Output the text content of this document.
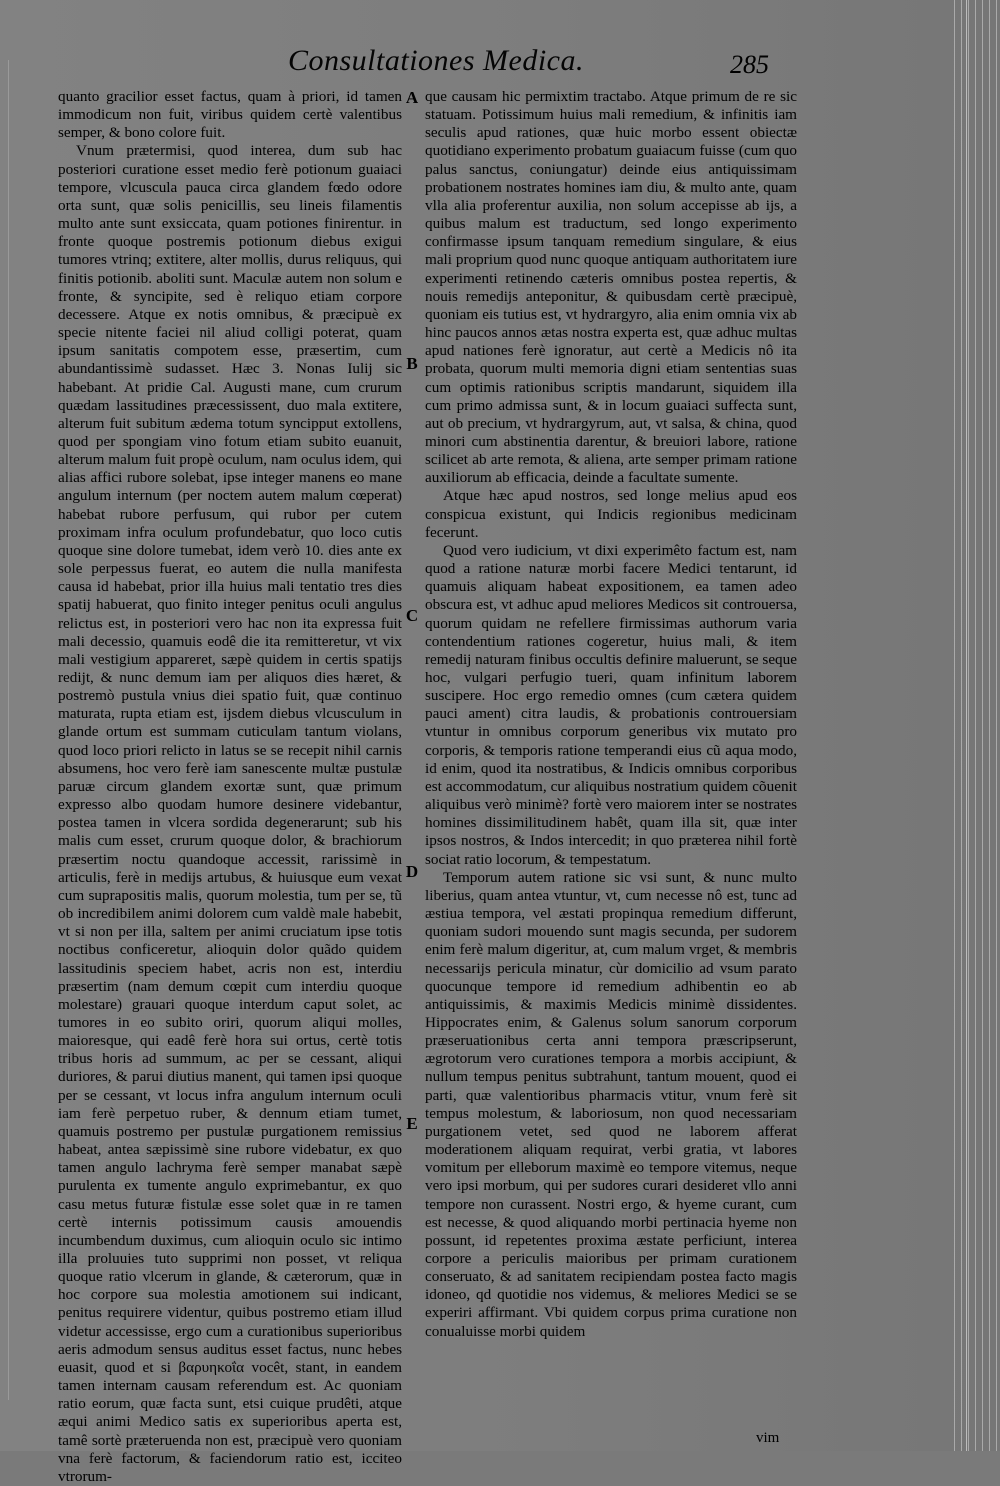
Consultationes Medica.	285

quanto gracilior esset factus, quam à priori, id tamen immodicum non fuit, viribus quidem certè valentibus semper, & bono colore fuit.

Vnum prætermisi, quod interea, dum sub hac posteriori curatione esset medio ferè potionum guaiaci tempore, vlcuscula pauca circa glandem fœdo odore orta sunt, quæ solis penicillis, seu lineis filamentis multo ante sunt exsiccata, quam potiones finirentur. in fronte quoque postremis potionum diebus exigui tumores vtrinq; extitere, alter mollis, durus reliquus, qui finitis potionib. aboliti sunt. Maculæ autem non solum e fronte, & syncipite, sed è reliquo etiam corpore decessere. Atque ex notis omnibus, & præcipuè ex specie nitente faciei nil aliud colligi poterat, quam ipsum sanitatis compotem esse, præsertim, cum abundantissimè sudasset. Hæc 3. Nonas Iulij sic habebant. At pridie Cal. Augusti mane, cum crurum quædam lassitudines præcessissent, duo mala extitere, alterum fuit subitum ædema totum syncipput extollens, quod per spongiam vino fotum etiam subito euanuit, alterum malum fuit propè oculum, nam oculus idem, qui alias affici rubore solebat, ipse integer manens eo mane angulum internum (per noctem autem malum cœperat) habebat rubore perfusum, qui rubor per cutem proximam infra oculum profundebatur, quo loco cutis quoque sine dolore tumebat, idem verò 10. dies ante ex sole perpessus fuerat, eo autem die nulla manifesta causa id habebat, prior illa huius mali tentatio tres dies spatij habuerat, quo finito integer penitus oculi angulus relictus est, in posteriori vero hac non ita expressa fuit mali decessio, quamuis eodê die ita remitteretur, vt vix mali vestigium appareret, sæpè quidem in certis spatijs redijt, & nunc demum iam per aliquos dies hæret, & postremò pustula vnius diei spatio fuit, quæ continuo maturata, rupta etiam est, ijsdem diebus vlcusculum in glande ortum est summam cuticulam tantum violans, quod loco priori relicto in latus se se recepit nihil carnis absumens, hoc vero ferè iam sanescente multæ pustulæ paruæ circum glandem exortæ sunt, quæ primum expresso albo quodam humore desinere videbantur, postea tamen in vlcera sordida degenerarunt; sub his malis cum esset, crurum quoque dolor, & brachiorum præsertim noctu quandoque accessit, rarissimè in articulis, ferè in medijs artubus, & huiusque eum vexat cum suprapositis malis, quorum molestia, tum per se, tũ ob incredibilem animi dolorem cum valdè male habebit, vt si non per illa, saltem per animi cruciatum ipse totis noctibus conficeretur, alioquin dolor quãdo quidem lassitudinis speciem habet, acris non est, interdiu præsertim (nam demum cœpit cum interdiu quoque molestare) grauari quoque interdum caput solet, ac tumores in eo subito oriri, quorum aliqui molles, maioresque, qui eadê ferè hora sui ortus, certè totis tribus horis ad summum, ac per se cessant, aliqui duriores, & parui diutius manent, qui tamen ipsi quoque per se cessant, vt locus infra angulum internum oculi iam ferè perpetuo ruber, & dennum etiam tumet, quamuis postremo per pustulæ purgationem remissius habeat, antea sæpissimè sine rubore videbatur, ex quo tamen angulo lachryma ferè semper manabat sæpè purulenta ex tumente angulo exprimebantur, ex quo casu metus futuræ fistulæ esse solet quæ in re tamen certè internis potissimum causis amouendis incumbendum duximus, cum alioquin oculo sic intimo illa proluuies tuto supprimi non posset, vt reliqua quoque ratio vlcerum in glande, & cæterorum, quæ in hoc corpore sua molestia amotionem sui indicant, penitus requirere videntur, quibus postremo etiam illud videtur accessisse, ergo cum a curationibus superioribus aeris admodum sensus auditus esset factus, nunc hebes euasit, quod et si βαρυηκοΐα vocêt, stant, in eandem tamen internam causam referendum est. Ac quoniam ratio eorum, quæ facta sunt, etsi cuique prudêti, atque æqui animi Medico satis ex superioribus aperta est, tamê sortè præteruenda non est, præcipuè vero quoniam vna ferè factorum, & faciendorum ratio est, icciteo vtrorum-

A
B
C
D
E

que causam hic permixtim tractabo. Atque primum de re sic statuam. Potissimum huius mali remedium, & infinitis iam seculis apud rationes, quæ huic morbo essent obiectæ quotidiano experimento probatum guaiacum fuisse (cum quo palus sanctus, coniungatur) deinde eius antiquissimam probationem nostrates homines iam diu, & multo ante, quam vlla alia proferentur auxilia, non solum accepisse ab ijs, a quibus malum est traductum, sed longo experimento confirmasse ipsum tanquam remedium singulare, & eius mali proprium quod nunc quoque antiquam authoritatem iure experimenti retinendo cæteris omnibus postea repertis, & nouis remedijs anteponitur, & quibusdam certè præcipuè, quoniam eis tutius est, vt hydrargyro, alia enim omnia vix ab hinc paucos annos ætas nostra experta est, quæ adhuc multas apud nationes ferè ignoratur, aut certè a Medicis nô ita probata, quorum multi memoria digni etiam sententias suas cum optimis rationibus scriptis mandarunt, siquidem illa cum primo admissa sunt, & in locum guaiaci suffecta sunt, aut ob precium, vt hydrargyrum, aut, vt salsa, & china, quod minori cum abstinentia darentur, & breuiori labore, ratione scilicet ab arte remota, & aliena, arte semper primam ratione auxiliorum ab efficacia, deinde a facultate sumente.

Atque hæc apud nostros, sed longe melius apud eos conspicua existunt, qui Indicis regionibus medicinam fecerunt.

Quod vero iudicium, vt dixi experimêto factum est, nam quod a ratione naturæ morbi facere Medici tentarunt, id quamuis aliquam habeat expositionem, ea tamen adeo obscura est, vt adhuc apud meliores Medicos sit controuersa, quorum quidam ne refellere firmissimas authorum varia contendentium rationes cogeretur, huius mali, & item remedij naturam finibus occultis definire maluerunt, se seque hoc, vulgari perfugio tueri, quam infinitum laborem suscipere. Hoc ergo remedio omnes (cum cætera quidem pauci ament) citra laudis, & probationis controuersiam vtuntur in omnibus corporum generibus vix mutato pro corporis, & temporis ratione temperandi eius cũ aqua modo, id enim, quod ita nostratibus, & Indicis omnibus corporibus est accommodatum, cur aliquibus nostratium quidem cõuenit aliquibus verò minimè? fortè vero maiorem inter se nostrates homines dissimilitudinem habêt, quam illa sit, quæ inter ipsos nostros, & Indos intercedit; in quo præterea nihil fortè sociat ratio locorum, & tempestatum.

Temporum autem ratione sic vsi sunt, & nunc multo liberius, quam antea vtuntur, vt, cum necesse nô est, tunc ad æstiua tempora, vel æstati propinqua remedium differunt, quoniam sudori mouendo sunt magis secunda, per sudorem enim ferè malum digeritur, at, cum malum vrget, & membris necessarijs pericula minatur, cùr domicilio ad vsum parato quocunque tempore id remedium adhibentin eo ab antiquissimis, & maximis Medicis minimè dissidentes. Hippocrates enim, & Galenus solum sanorum corporum præseruationibus certa anni tempora præscripserunt, ægrotorum vero curationes tempora a morbis accipiunt, & nullum tempus penitus subtrahunt, tantum mouent, quod ei parti, quæ valentioribus pharmacis vtitur, vnum ferè sit tempus molestum, & laboriosum, non quod necessariam purgationem vetet, sed quod ne laborem afferat moderationem aliquam requirat, verbi gratia, vt labores vomitum per elleborum maximè eo tempore vitemus, neque vero ipsi morbum, qui per sudores curari desideret vllo anni tempore non curassent. Nostri ergo, & hyeme curant, cum est necesse, & quod aliquando morbi pertinacia hyeme non possunt, id repetentes proxima æstate perficiunt, interea corpore a periculis maioribus per primam curationem conseruato, & ad sanitatem recipiendam postea facto magis idoneo, qd quotidie nos videmus, & meliores Medici se se experiri affirmant. Vbi quidem corpus prima curatione non conualuisse morbi quidem

vim
